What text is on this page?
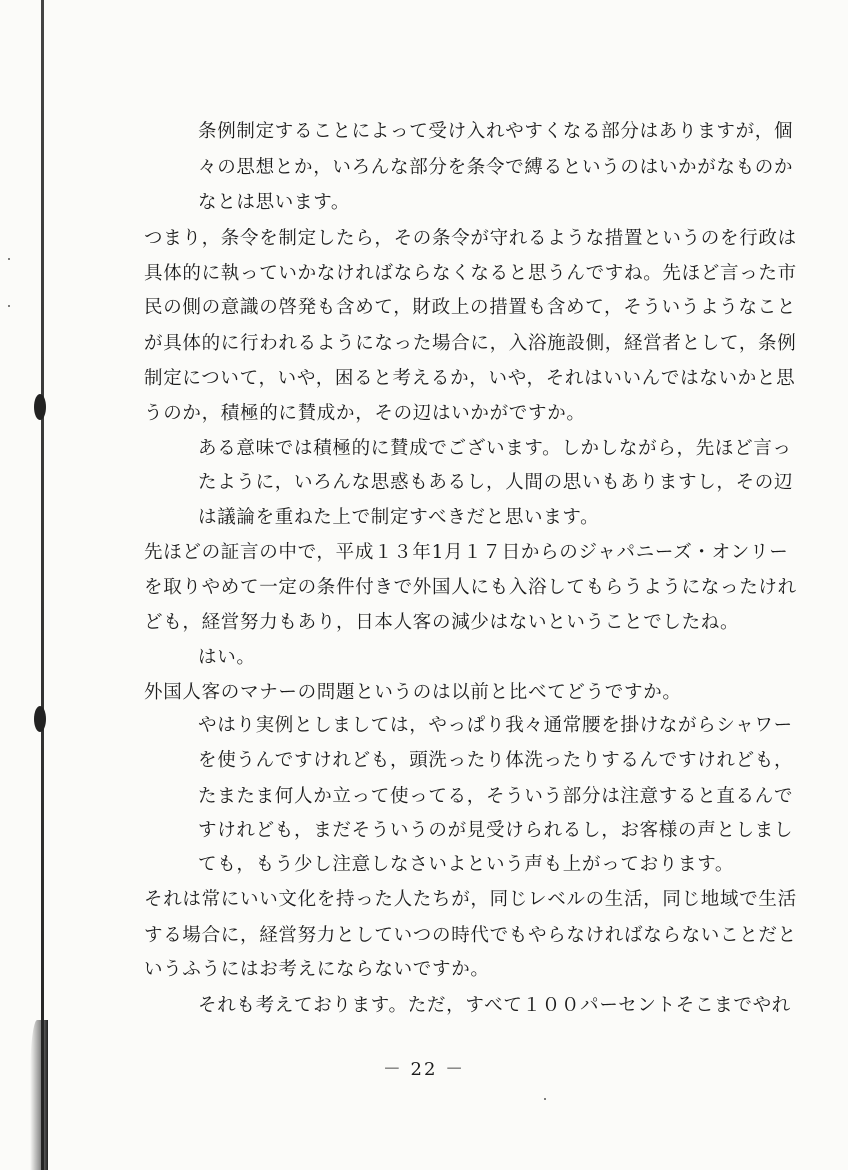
条例制定することによって受け入れやすくなる部分はありますが，個
々の思想とか，いろんな部分を条令で縛るというのはいかがなものか
なとは思います。
つまり，条令を制定したら，その条令が守れるような措置というのを行政は
具体的に執っていかなければならなくなると思うんですね。先ほど言った市
民の側の意識の啓発も含めて，財政上の措置も含めて，そういうようなこと
が具体的に行われるようになった場合に，入浴施設側，経営者として，条例
制定について，いや，困ると考えるか，いや，それはいいんではないかと思
うのか，積極的に賛成か，その辺はいかがですか。
ある意味では積極的に賛成でございます。しかしながら，先ほど言っ
たように，いろんな思惑もあるし，人間の思いもありますし，その辺
は議論を重ねた上で制定すべきだと思います。
先ほどの証言の中で，平成１３年1月１７日からのジャパニーズ・オンリー
を取りやめて一定の条件付きで外国人にも入浴してもらうようになったけれ
ども，経営努力もあり，日本人客の減少はないということでしたね。
はい。
外国人客のマナーの問題というのは以前と比べてどうですか。
やはり実例としましては，やっぱり我々通常腰を掛けながらシャワー
を使うんですけれども，頭洗ったり体洗ったりするんですけれども，
たまたま何人か立って使ってる，そういう部分は注意すると直るんで
すけれども，まだそういうのが見受けられるし，お客様の声としまし
ても，もう少し注意しなさいよという声も上がっております。
それは常にいい文化を持った人たちが，同じレベルの生活，同じ地域で生活
する場合に，経営努力としていつの時代でもやらなければならないことだと
いうふうにはお考えにならないですか。
それも考えております。ただ，すべて１００パーセントそこまでやれ
－ 22 －
